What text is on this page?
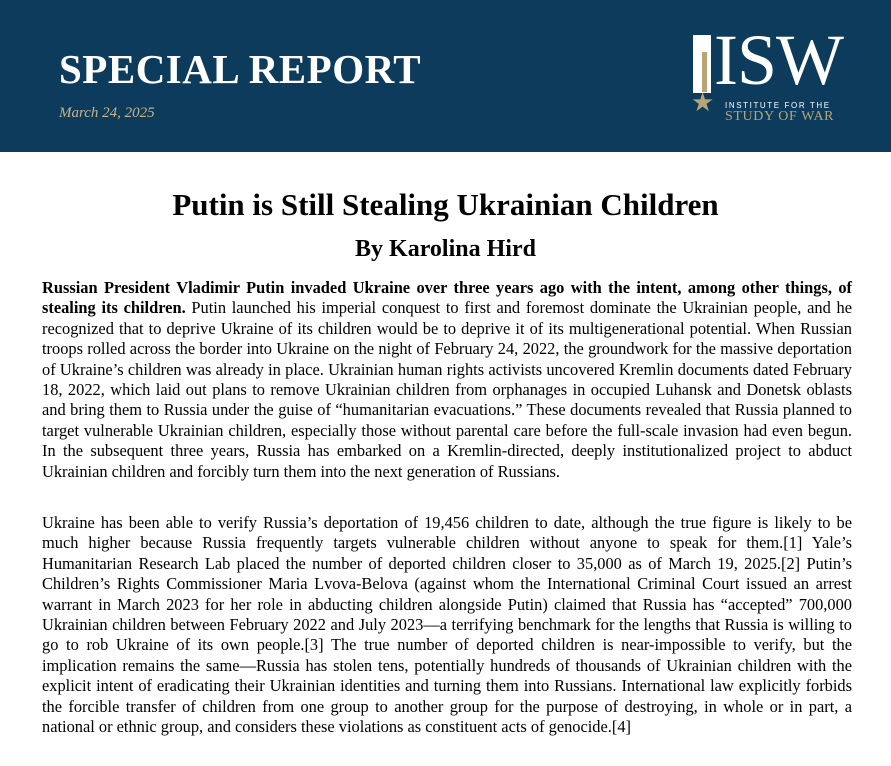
SPECIAL REPORT
March 24, 2025
ISW
★ INSTITUTE FOR THE
STUDY OF WAR
Putin is Still Stealing Ukrainian Children
By Karolina Hird

Russian President Vladimir Putin invaded Ukraine over three years ago with the intent, among other things, of stealing its children. Putin launched his imperial conquest to first and foremost dominate the Ukrainian people, and he recognized that to deprive Ukraine of its children would be to deprive it of its multigenerational potential. When Russian troops rolled across the border into Ukraine on the night of February 24, 2022, the groundwork for the massive deportation of Ukraine’s children was already in place. Ukrainian human rights activists uncovered Kremlin documents dated February 18, 2022, which laid out plans to remove Ukrainian children from orphanages in occupied Luhansk and Donetsk oblasts and bring them to Russia under the guise of “humanitarian evacuations.” These documents revealed that Russia planned to target vulnerable Ukrainian children, especially those without parental care before the full-scale invasion had even begun. In the subsequent three years, Russia has embarked on a Kremlin-directed, deeply institutionalized project to abduct Ukrainian children and forcibly turn them into the next generation of Russians.

Ukraine has been able to verify Russia’s deportation of 19,456 children to date, although the true figure is likely to be much higher because Russia frequently targets vulnerable children without anyone to speak for them.[1] Yale’s Humanitarian Research Lab placed the number of deported children closer to 35,000 as of March 19, 2025.[2] Putin’s Children’s Rights Commissioner Maria Lvova-Belova (against whom the International Criminal Court issued an arrest warrant in March 2023 for her role in abducting children alongside Putin) claimed that Russia has “accepted” 700,000 Ukrainian children between February 2022 and July 2023—a terrifying benchmark for the lengths that Russia is willing to go to rob Ukraine of its own people.[3] The true number of deported children is near-impossible to verify, but the implication remains the same—Russia has stolen tens, potentially hundreds of thousands of Ukrainian children with the explicit intent of eradicating their Ukrainian identities and turning them into Russians. International law explicitly forbids the forcible transfer of children from one group to another group for the purpose of destroying, in whole or in part, a national or ethnic group, and considers these violations as constituent acts of genocide.[4]
